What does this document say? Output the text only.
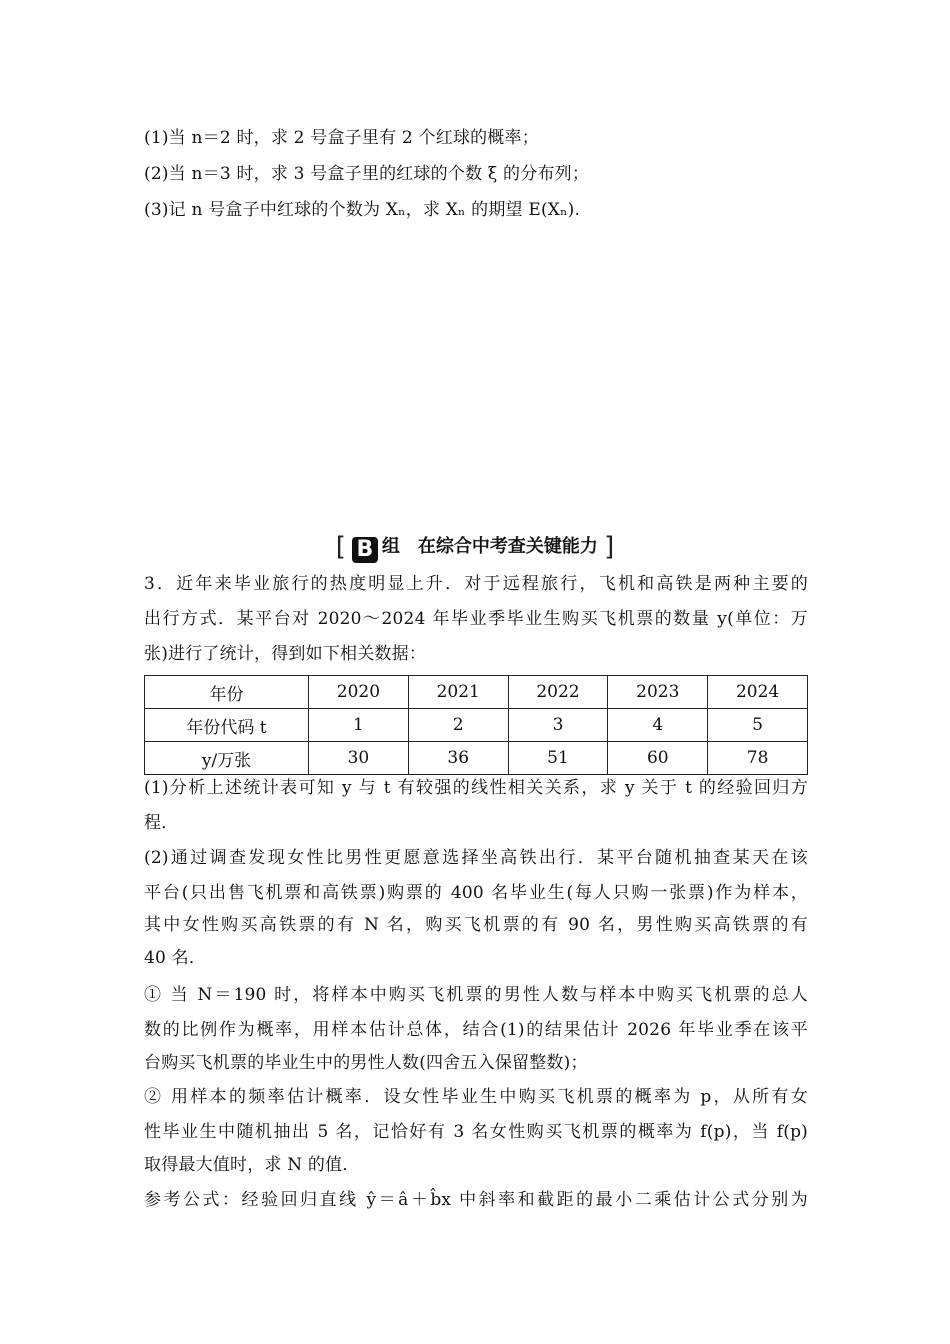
(1)当 n＝2 时，求 2 号盒子里有 2 个红球的概率；
(2)当 n＝3 时，求 3 号盒子里的红球的个数 ξ 的分布列；
(3)记 n 号盒子中红球的个数为 Xₙ，求 Xₙ 的期望 E(Xₙ).
[ B 组　在综合中考查关键能力 ]
3．近年来毕业旅行的热度明显上升．对于远程旅行，飞机和高铁是两种主要的
出行方式．某平台对 2020～2024 年毕业季毕业生购买飞机票的数量 y(单位：万
张)进行了统计，得到如下相关数据：
年份	2020	2021	2022	2023	2024
年份代码 t	1	2	3	4	5
y/万张	30	36	51	60	78
(1)分析上述统计表可知 y 与 t 有较强的线性相关关系，求 y 关于 t 的经验回归方
程．
(2)通过调查发现女性比男性更愿意选择坐高铁出行．某平台随机抽查某天在该
平台(只出售飞机票和高铁票)购票的 400 名毕业生(每人只购一张票)作为样本，
其中女性购买高铁票的有 N 名，购买飞机票的有 90 名，男性购买高铁票的有
40 名．
① 当 N＝190 时，将样本中购买飞机票的男性人数与样本中购买飞机票的总人
数的比例作为概率，用样本估计总体，结合(1)的结果估计 2026 年毕业季在该平
台购买飞机票的毕业生中的男性人数(四舍五入保留整数)；
② 用样本的频率估计概率．设女性毕业生中购买飞机票的概率为 p，从所有女
性毕业生中随机抽出 5 名，记恰好有 3 名女性购买飞机票的概率为 f(p)，当 f(p)
取得最大值时，求 N 的值．
参考公式：经验回归直线 ŷ＝â＋b̂x 中斜率和截距的最小二乘估计公式分别为
